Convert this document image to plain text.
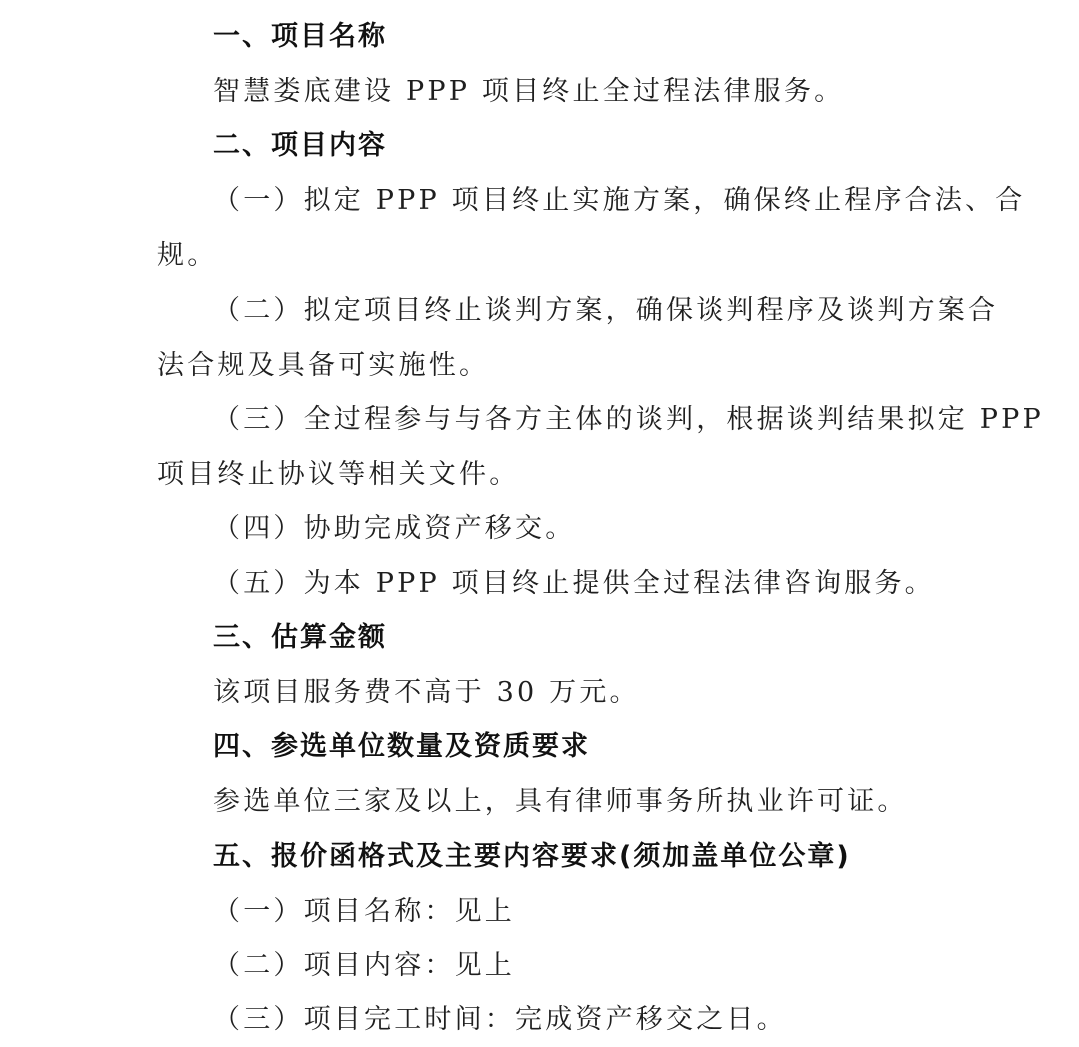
一、项目名称
智慧娄底建设 PPP 项目终止全过程法律服务。
二、项目内容
（一）拟定 PPP 项目终止实施方案，确保终止程序合法、合
规。
（二）拟定项目终止谈判方案，确保谈判程序及谈判方案合
法合规及具备可实施性。
（三）全过程参与与各方主体的谈判，根据谈判结果拟定 PPP
项目终止协议等相关文件。
（四）协助完成资产移交。
（五）为本 PPP 项目终止提供全过程法律咨询服务。
三、估算金额
该项目服务费不高于 30 万元。
四、参选单位数量及资质要求
参选单位三家及以上，具有律师事务所执业许可证。
五、报价函格式及主要内容要求(须加盖单位公章)
（一）项目名称：见上
（二）项目内容：见上
（三）项目完工时间：完成资产移交之日。
